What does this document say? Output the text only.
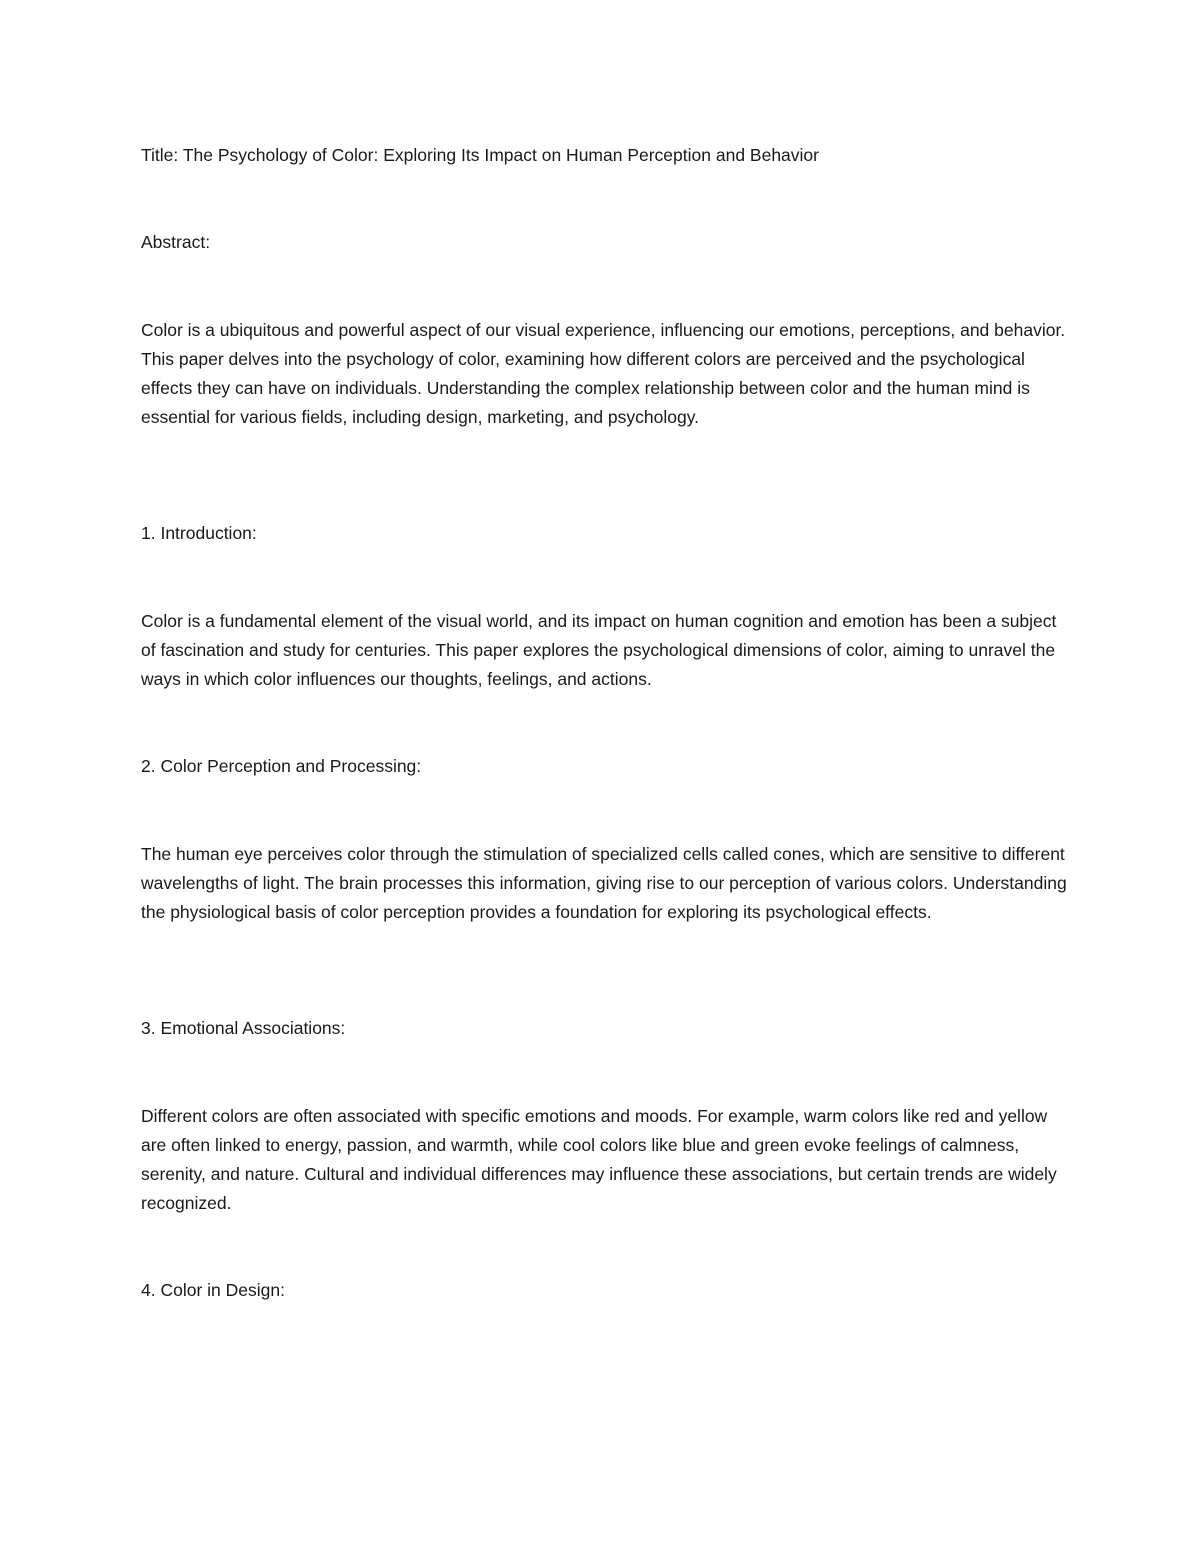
Title: The Psychology of Color: Exploring Its Impact on Human Perception and Behavior

Abstract:

Color is a ubiquitous and powerful aspect of our visual experience, influencing our emotions, perceptions, and behavior. This paper delves into the psychology of color, examining how different colors are perceived and the psychological effects they can have on individuals. Understanding the complex relationship between color and the human mind is essential for various fields, including design, marketing, and psychology.

1. Introduction:

Color is a fundamental element of the visual world, and its impact on human cognition and emotion has been a subject of fascination and study for centuries. This paper explores the psychological dimensions of color, aiming to unravel the ways in which color influences our thoughts, feelings, and actions.

2. Color Perception and Processing:

The human eye perceives color through the stimulation of specialized cells called cones, which are sensitive to different wavelengths of light. The brain processes this information, giving rise to our perception of various colors. Understanding the physiological basis of color perception provides a foundation for exploring its psychological effects.

3. Emotional Associations:

Different colors are often associated with specific emotions and moods. For example, warm colors like red and yellow are often linked to energy, passion, and warmth, while cool colors like blue and green evoke feelings of calmness, serenity, and nature. Cultural and individual differences may influence these associations, but certain trends are widely recognized.

4. Color in Design:
